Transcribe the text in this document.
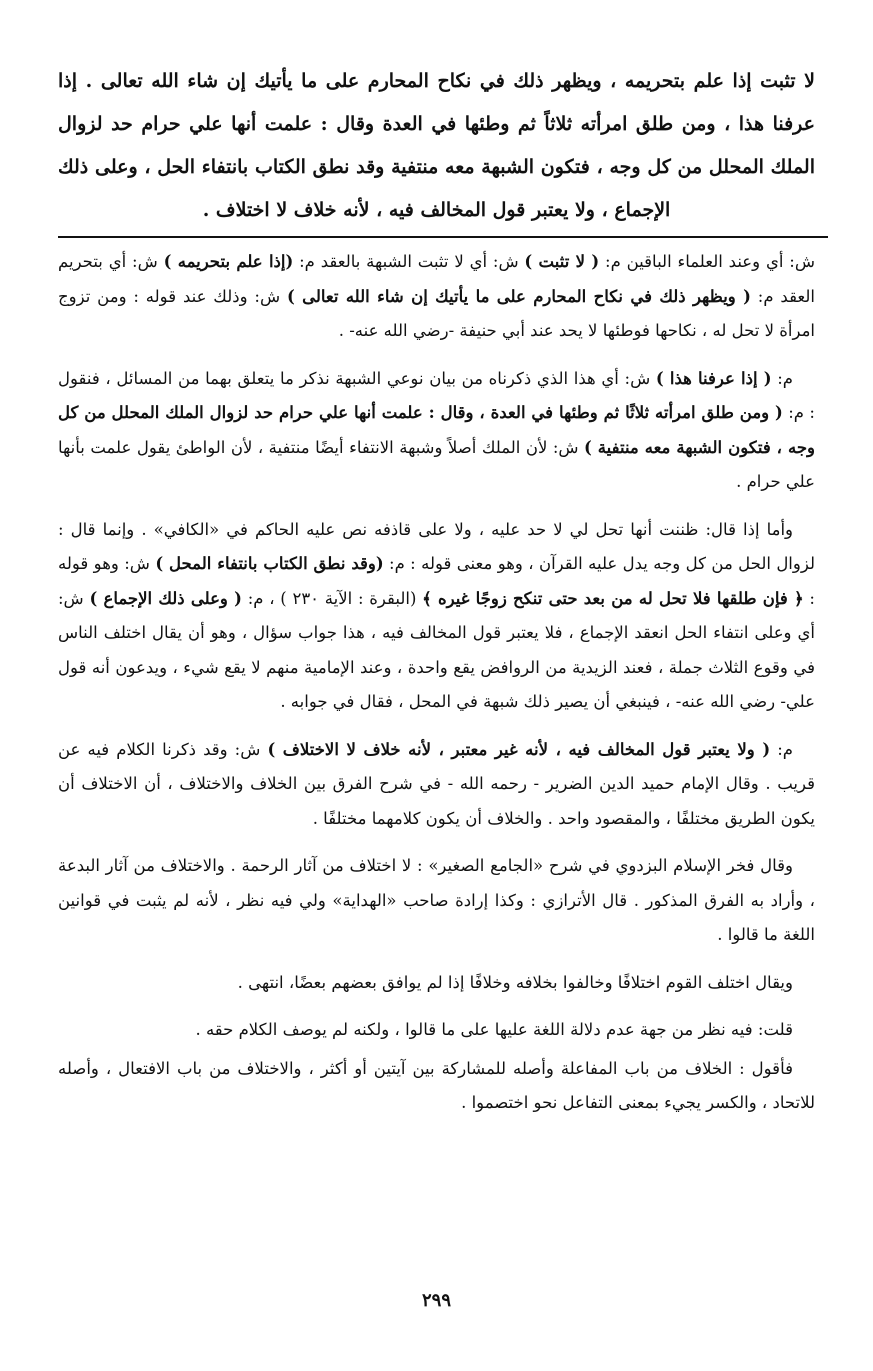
لا تثبت إذا علم بتحريمه ، ويظهر ذلك في نكاح المحارم على ما يأتيك إن شاء الله تعالى . إذا عرفنا هذا ، ومن طلق امرأته ثلاثاً ثم وطئها في العدة وقال : علمت أنها علي حرام حد لزوال الملك المحلل من كل وجه ، فتكون الشبهة معه منتفية وقد نطق الكتاب بانتفاء الحل ، وعلى ذلك الإجماع ، ولا يعتبر قول المخالف فيه ، لأنه خلاف لا اختلاف .

ش: أي وعند العلماء الباقين م: ( لا تثبت ) ش: أي لا تثبت الشبهة بالعقد م: (إذا علم بتحريمه ) ش: أي بتحريم العقد م: ( ويظهر ذلك في نكاح المحارم على ما يأتيك إن شاء الله تعالى ) ش: وذلك عند قوله : ومن تزوج امرأة لا تحل له ، نكاحها فوطئها لا يحد عند أبي حنيفة -رضي الله عنه- .

م: ( إذا عرفنا هذا ) ش: أي هذا الذي ذكرناه من بيان نوعي الشبهة نذكر ما يتعلق بهما من المسائل ، فنقول : م: ( ومن طلق امرأته ثلاثًا ثم وطئها في العدة ، وقال : علمت أنها علي حرام حد لزوال الملك المحلل من كل وجه ، فتكون الشبهة معه منتفية ) ش: لأن الملك أصلاً وشبهة الانتفاء أيضًا منتفية ، لأن الواطئ يقول علمت بأنها علي حرام .

وأما إذا قال: ظننت أنها تحل لي لا حد عليه ، ولا على قاذفه نص عليه الحاكم في «الكافي» . وإنما قال : لزوال الحل من كل وجه يدل عليه القرآن ، وهو معنى قوله : م: (وقد نطق الكتاب بانتفاء المحل ) ش: وهو قوله : ﴿ فإن طلقها فلا تحل له من بعد حتى تنكح زوجًا غيره ﴾ (البقرة : الآية ٢٣٠ ) ، م: ( وعلى ذلك الإجماع ) ش: أي وعلى انتفاء الحل انعقد الإجماع ، فلا يعتبر قول المخالف فيه ، هذا جواب سؤال ، وهو أن يقال اختلف الناس في وقوع الثلاث جملة ، فعند الزيدية من الروافض يقع واحدة ، وعند الإمامية منهم لا يقع شيء ، ويدعون أنه قول علي- رضي الله عنه- ، فينبغي أن يصير ذلك شبهة في المحل ، فقال في جوابه .

م: ( ولا يعتبر قول المخالف فيه ، لأنه غير معتبر ، لأنه خلاف لا الاختلاف ) ش: وقد ذكرنا الكلام فيه عن قريب . وقال الإمام حميد الدين الضرير - رحمه الله - في شرح الفرق بين الخلاف والاختلاف ، أن الاختلاف أن يكون الطريق مختلفًا ، والمقصود واحد . والخلاف أن يكون كلامهما مختلفًا .

وقال فخر الإسلام البزدوي في شرح «الجامع الصغير» : لا اختلاف من آثار الرحمة . والاختلاف من آثار البدعة ، وأراد به الفرق المذكور . قال الأترازي : وكذا إرادة صاحب «الهداية» ولي فيه نظر ، لأنه لم يثبت في قوانين اللغة ما قالوا .

ويقال اختلف القوم اختلافًا وخالفوا بخلافه وخلافًا إذا لم يوافق بعضهم بعضًا، انتهى .

قلت: فيه نظر من جهة عدم دلالة اللغة عليها على ما قالوا ، ولكنه لم يوصف الكلام حقه .

فأقول : الخلاف من باب المفاعلة وأصله للمشاركة بين آيتين أو أكثر ، والاختلاف من باب الافتعال ، وأصله للاتحاد ، والكسر يجيء بمعنى التفاعل نحو اختصموا .

٢٩٩
